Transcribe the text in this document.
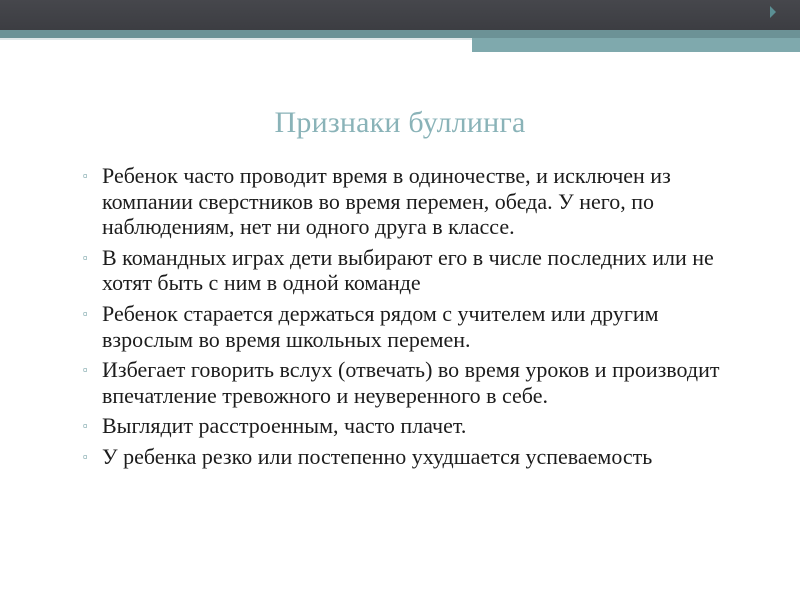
Признаки буллинга
▫ Ребенок часто проводит время в одиночестве, и исключен из компании сверстников во время перемен, обеда. У него, по наблюдениям, нет ни одного друга в классе.
▫ В командных играх дети выбирают его в числе последних или не хотят быть с ним в одной команде
▫ Ребенок старается держаться рядом с учителем или другим взрослым во время школьных перемен.
▫ Избегает говорить вслух (отвечать) во время уроков и производит впечатление тревожного и неуверенного в себе.
▫ Выглядит расстроенным, часто плачет.
▫ У ребенка резко или постепенно ухудшается успеваемость
